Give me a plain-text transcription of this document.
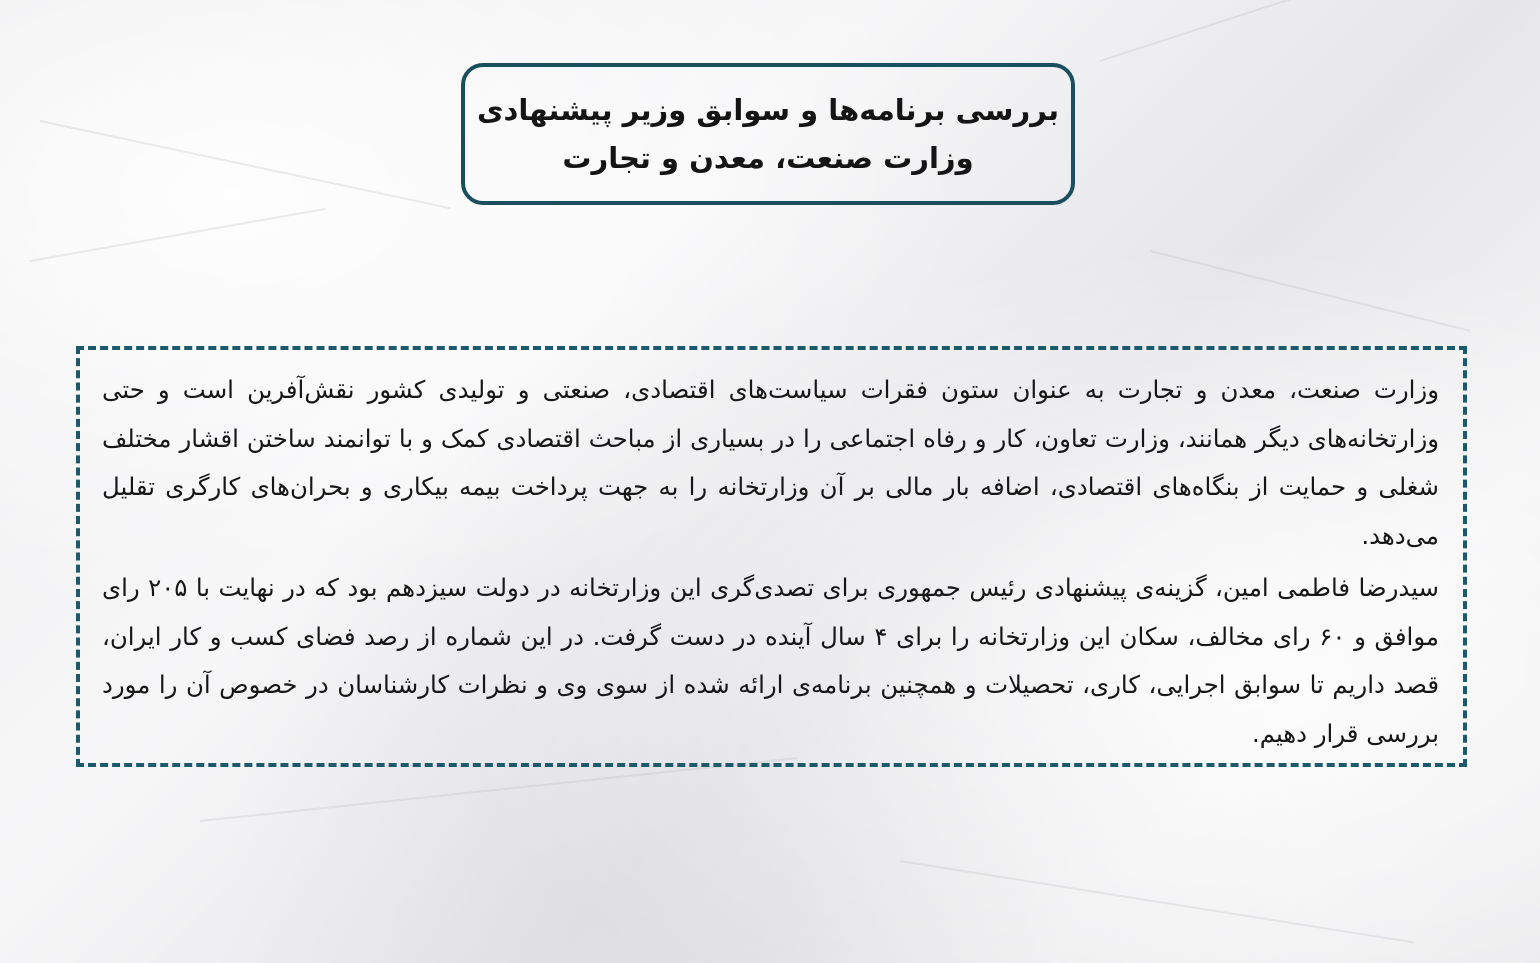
بررسی برنامه‌ها و سوابق وزیر پیشنهادی
وزارت صنعت، معدن و تجارت

وزارت صنعت، معدن و تجارت به عنوان ستون فقرات سیاست‌های اقتصادی، صنعتی و تولیدی کشور نقش‌آفرین است و حتی وزارتخانه‌های دیگر همانند، وزارت تعاون، کار و رفاه اجتماعی را در بسیاری از مباحث اقتصادی کمک و با توانمند ساختن اقشار مختلف شغلی و حمایت از بنگاه‌های اقتصادی، اضافه بار مالی بر آن وزارتخانه را به جهت پرداخت بیمه بیکاری و بحران‌های کارگری تقلیل می‌دهد.

سیدرضا فاطمی امین، گزینه‌ی پیشنهادی رئیس جمهوری برای تصدی‌گری این وزارتخانه در دولت سیزدهم بود که در نهایت با ۲۰۵ رای موافق و ۶۰ رای مخالف، سکان این وزارتخانه را برای ۴ سال آینده در دست گرفت. در این شماره از رصد فضای کسب و کار ایران، قصد داریم تا سوابق اجرایی، کاری، تحصیلات و همچنین برنامه‌ی ارائه شده از سوی وی و نظرات کارشناسان در خصوص آن را مورد بررسی قرار دهیم.
